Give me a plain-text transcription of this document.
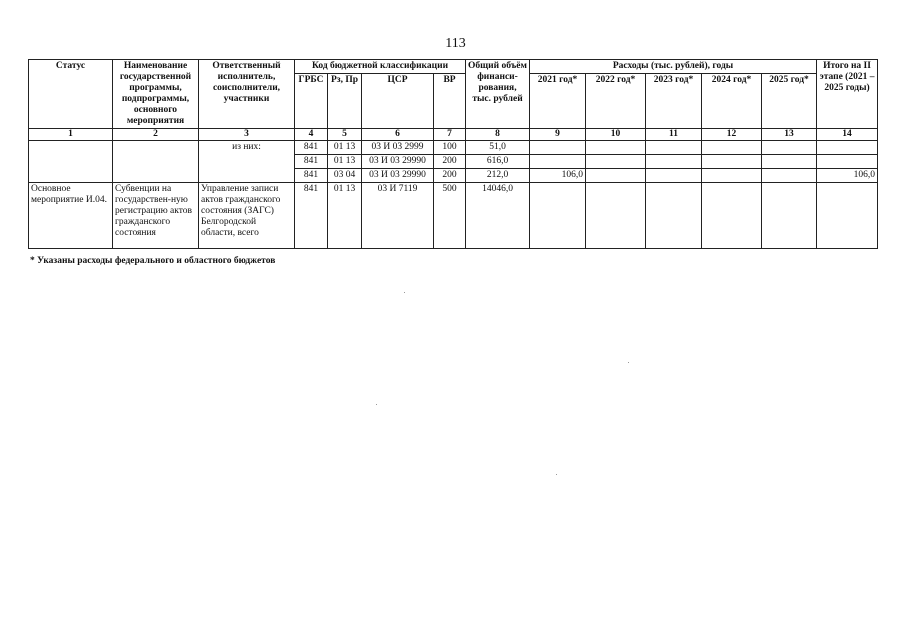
113
Статус	Наименование государственной программы, подпрограммы, основного мероприятия	Ответственный исполнитель, соисполнители, участники	Код бюджетной классификации				Общий объём финанси-рования, тыс. рублей	Расходы (тыс. рублей), годы					Итого на II этапе (2021 – 2025 годы)
			ГРБС	Рз, Пр	ЦСР	ВР		2021 год*	2022 год*	2023 год*	2024 год*	2025 год*	
1	2	3	4	5	6	7	8	9	10	11	12	13	14
		из них:	841	01 13	03 И 03 2999	100	51,0						
			841	01 13	03 И 03 29990	200	616,0						
			841	03 04	03 И 03 29990	200	212,0	106,0					106,0
Основное мероприятие И.04.	Субвенции на государствен-ную регистрацию актов гражданского состояния	Управление записи актов гражданского состояния (ЗАГС) Белгородской области, всего	841	01 13	03 И 7119	500	14046,0						
* Указаны расходы федерального и областного бюджетов
